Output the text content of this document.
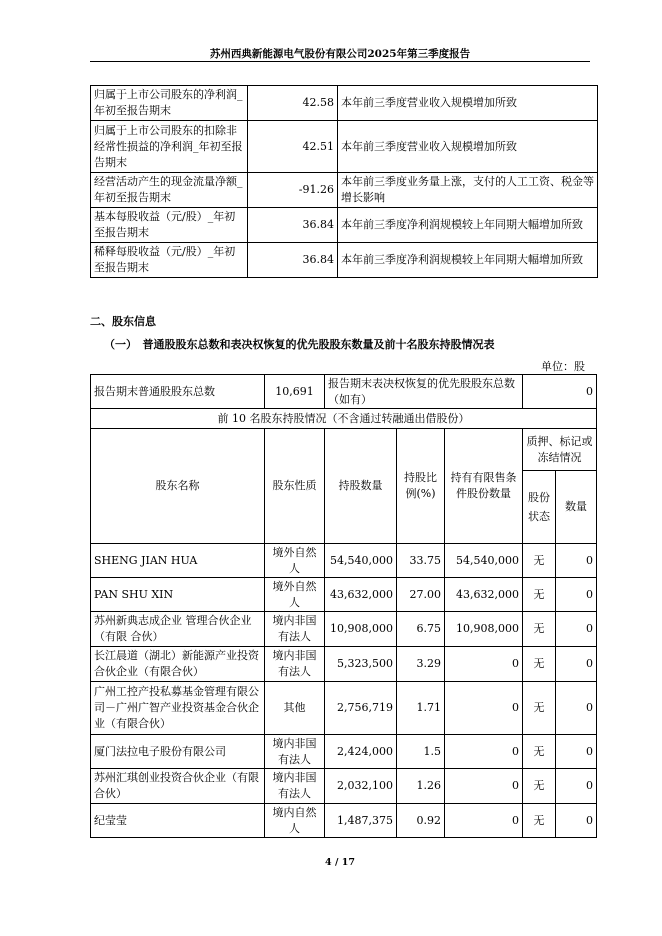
苏州西典新能源电气股份有限公司2025年第三季度报告
归属于上市公司股东的净利润_年初至报告期末	42.58	本年前三季度营业收入规模增加所致
归属于上市公司股东的扣除非经常性损益的净利润_年初至报告期末	42.51	本年前三季度营业收入规模增加所致
经营活动产生的现金流量净额_年初至报告期末	-91.26	本年前三季度业务量上涨，支付的人工工资、税金等增长影响
基本每股收益（元/股）_年初至报告期末	36.84	本年前三季度净利润规模较上年同期大幅增加所致
稀释每股收益（元/股）_年初至报告期末	36.84	本年前三季度净利润规模较上年同期大幅增加所致
二、股东信息
（一）　普通股股东总数和表决权恢复的优先股股东数量及前十名股东持股情况表
单位：股
报告期末普通股股东总数	10,691	报告期末表决权恢复的优先股股东总数（如有）			0	
前 10 名股东持股情况（不含通过转融通出借股份）						
股东名称	股东性质	持股数量	持股比例(%)	持有有限售条件股份数量	质押、标记或冻结情况	
					股份状态	数量
SHENG JIAN HUA	境外自然人	54,540,000	33.75	54,540,000	无	0
PAN SHU XIN	境外自然人	43,632,000	27.00	43,632,000	无	0
苏州新典志成企业 管理合伙企业（有限 合伙）	境内非国有法人	10,908,000	6.75	10,908,000	无	0
长江晨道（湖北）新能源产业投资合伙企业（有限合伙）	境内非国有法人	5,323,500	3.29	0	无	0
广州工控产投私募基金管理有限公司－广州广智产业投资基金合伙企业（有限合伙）	其他	2,756,719	1.71	0	无	0
厦门法拉电子股份有限公司	境内非国有法人	2,424,000	1.5	0	无	0
苏州汇琪创业投资合伙企业（有限合伙）	境内非国有法人	2,032,100	1.26	0	无	0
纪莹莹	境内自然人	1,487,375	0.92	0	无	0
4 / 17
